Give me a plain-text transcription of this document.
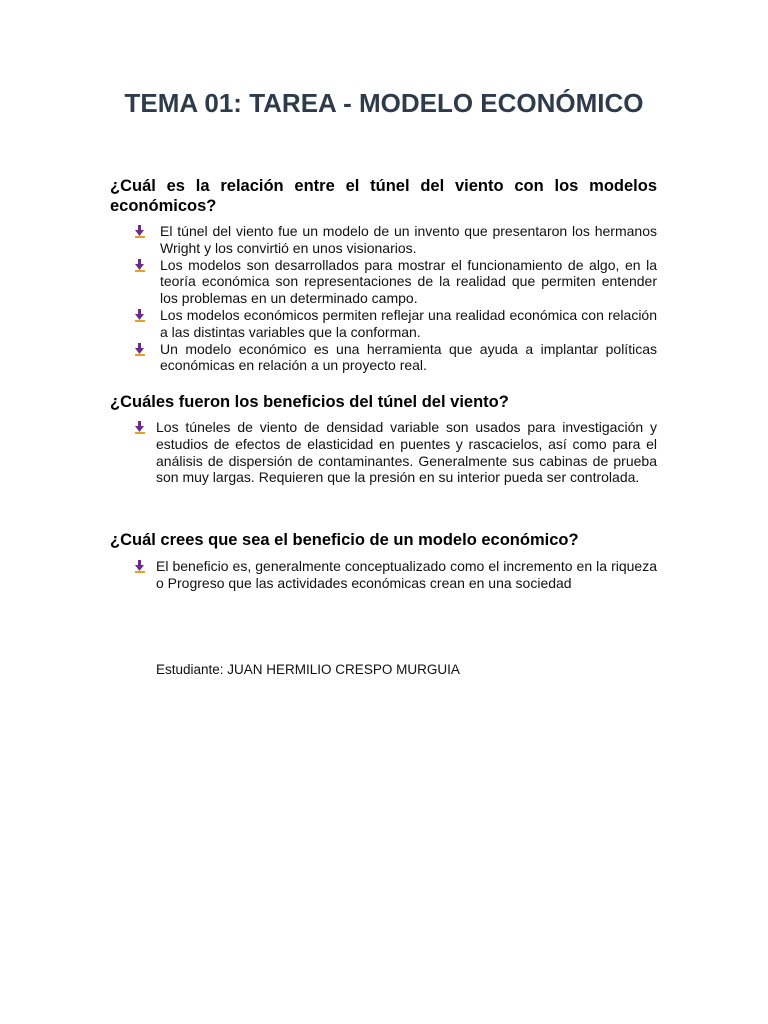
TEMA 01: TAREA - MODELO ECONÓMICO
¿Cuál es la relación entre el túnel del viento con los modelos económicos?
El túnel del viento fue un modelo de un invento que presentaron los hermanos Wright y los convirtió en unos visionarios.
Los modelos son desarrollados para mostrar el funcionamiento de algo, en la teoría económica son representaciones de la realidad que permiten entender los problemas en un determinado campo.
Los modelos económicos permiten reflejar una realidad económica con relación a las distintas variables que la conforman.
Un modelo económico es una herramienta que ayuda a implantar políticas económicas en relación a un proyecto real.
¿Cuáles fueron los beneficios del túnel del viento?
Los túneles de viento de densidad variable son usados para investigación y estudios de efectos de elasticidad en puentes y rascacielos, así como para el análisis de dispersión de contaminantes. Generalmente sus cabinas de prueba son muy largas. Requieren que la presión en su interior pueda ser controlada.
¿Cuál crees que sea el beneficio de un modelo económico?
El beneficio es, generalmente conceptualizado como el incremento en la riqueza o Progreso que las actividades económicas crean en una sociedad
Estudiante: JUAN HERMILIO CRESPO MURGUIA
